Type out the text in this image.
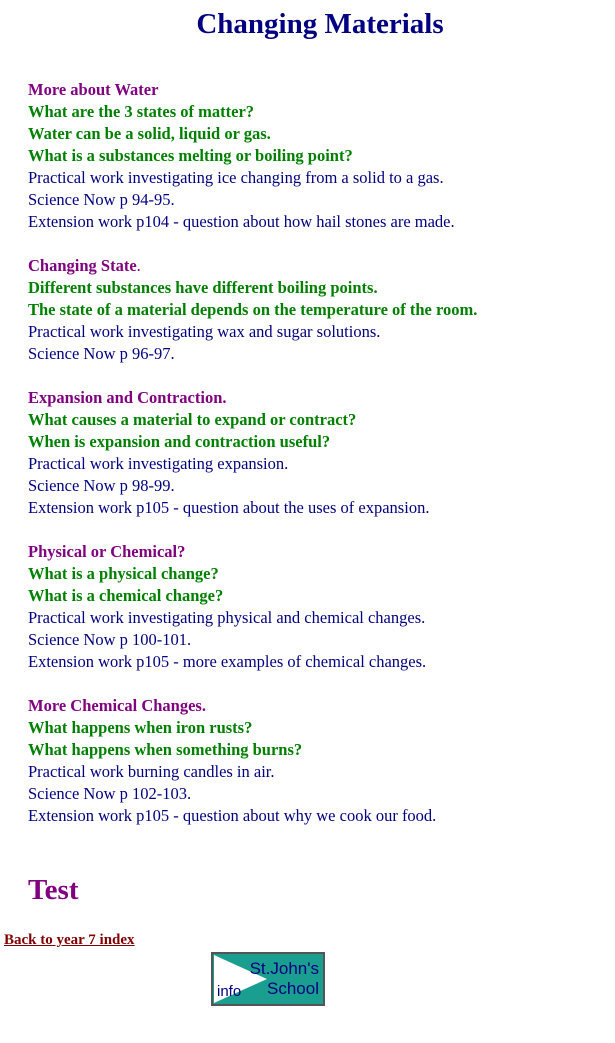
Changing Materials
More about Water
What are the 3 states of matter?
Water can be a solid, liquid or gas.
What is a substances melting or boiling point?
Practical work investigating ice changing from a solid to a gas.
Science Now p 94-95.
Extension work p104 - question about how hail stones are made.
Changing State.
Different substances have different boiling points.
The state of a material depends on the temperature of the room.
Practical work investigating wax and sugar solutions.
Science Now p 96-97.
Expansion and Contraction.
What causes a material to expand or contract?
When is expansion and contraction useful?
Practical work investigating expansion.
Science Now p 98-99.
Extension work p105 - question about the uses of expansion.
Physical or Chemical?
What is a physical change?
What is a chemical change?
Practical work investigating physical and chemical changes.
Science Now p 100-101.
Extension work p105 - more examples of chemical changes.
More Chemical Changes.
What happens when iron rusts?
What happens when something burns?
Practical work burning candles in air.
Science Now p 102-103.
Extension work p105 - question about why we cook our food.
Test
Back to year 7 index
St.John's
School
info
